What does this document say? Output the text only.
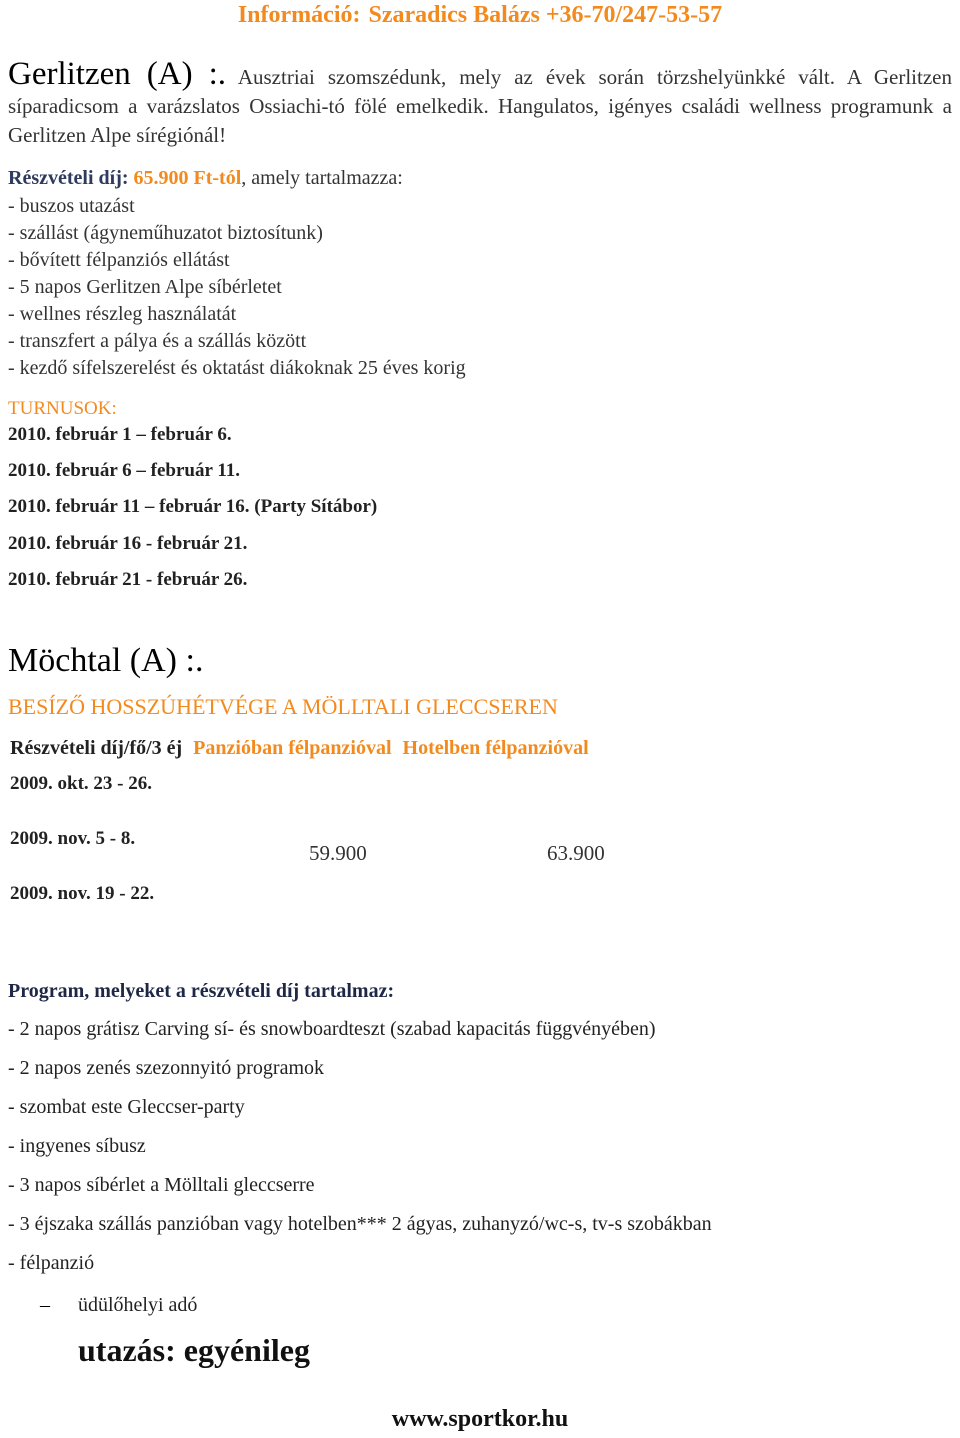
Információ: Szaradics Balázs +36-70/247-53-57
Gerlitzen (A) :. Ausztriai szomszédunk, mely az évek során törzshelyünkké vált. A Gerlitzen síparadicsom a varázslatos Ossiachi-tó fölé emelkedik. Hangulatos, igényes családi wellness programunk a Gerlitzen Alpe sírégiónál!
Részvételi díj: 65.900 Ft-tól, amely tartalmazza:
- buszos utazást
- szállást (ágyneműhuzatot biztosítunk)
- bővített félpanziós ellátást
- 5 napos Gerlitzen Alpe síbérletet
- wellnes részleg használatát
- transzfert a pálya és a szállás között
- kezdő sífelszerelést és oktatást diákoknak 25 éves korig
TURNUSOK:
2010. február 1 – február 6.
2010. február 6 – február 11.
2010. február 11 – február 16. (Party Sítábor)
2010. február 16 - február 21.
2010. február 21 - február 26.
Möchtal (A) :.
BESÍZŐ HOSSZÚHÉTVÉGE A MÖLLTALI GLECCSEREN
Részvételi díj/fő/3 éj Panzióban félpanzióval Hotelben félpanzióval
2009. okt. 23 - 26.
2009. nov. 5 - 8.
2009. nov. 19 - 22.
59.900	63.900
Program, melyeket a részvételi díj tartalmaz:
- 2 napos grátisz Carving sí- és snowboardteszt (szabad kapacitás függvényében)
- 2 napos zenés szezonnyitó programok
- szombat este Gleccser-party
- ingyenes síbusz
- 3 napos síbérlet a Mölltali gleccserre
- 3 éjszaka szállás panzióban vagy hotelben*** 2 ágyas, zuhanyzó/wc-s, tv-s szobákban
- félpanzió
– üdülőhelyi adó
utazás: egyénileg
www.sportkor.hu
